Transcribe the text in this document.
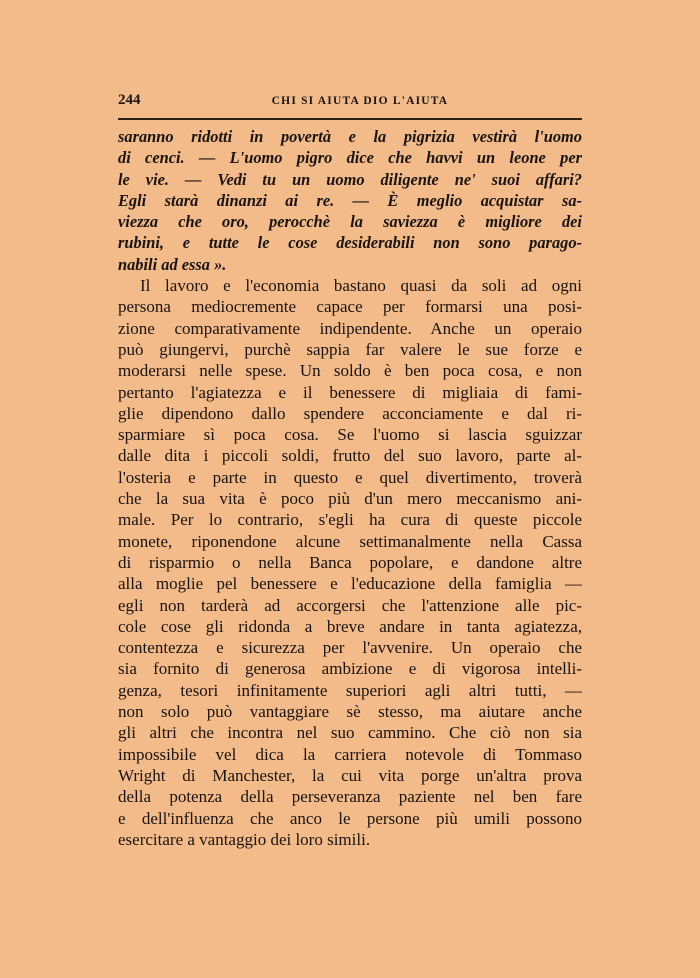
244	CHI SI AIUTA DIO L'AIUTA
saranno ridotti in povertà e la pigrizia vestirà l'uomo
di cenci. — L'uomo pigro dice che havvi un leone per
le vie. — Vedi tu un uomo diligente ne' suoi affari?
Egli starà dinanzi ai re. — È meglio acquistar sa-
viezza che oro, perocchè la saviezza è migliore dei
rubini, e tutte le cose desiderabili non sono parago-
nabili ad essa ».
Il lavoro e l'economia bastano quasi da soli ad ogni
persona mediocremente capace per formarsi una posi-
zione comparativamente indipendente. Anche un operaio
può giungervi, purchè sappia far valere le sue forze e
moderarsi nelle spese. Un soldo è ben poca cosa, e non
pertanto l'agiatezza e il benessere di migliaia di fami-
glie dipendono dallo spendere acconciamente e dal ri-
sparmiare sì poca cosa. Se l'uomo si lascia sguizzar
dalle dita i piccoli soldi, frutto del suo lavoro, parte al-
l'osteria e parte in questo e quel divertimento, troverà
che la sua vita è poco più d'un mero meccanismo ani-
male. Per lo contrario, s'egli ha cura di queste piccole
monete, riponendone alcune settimanalmente nella Cassa
di risparmio o nella Banca popolare, e dandone altre
alla moglie pel benessere e l'educazione della famiglia —
egli non tarderà ad accorgersi che l'attenzione alle pic-
cole cose gli ridonda a breve andare in tanta agiatezza,
contentezza e sicurezza per l'avvenire. Un operaio che
sia fornito di generosa ambizione e di vigorosa intelli-
genza, tesori infinitamente superiori agli altri tutti, —
non solo può vantaggiare sè stesso, ma aiutare anche
gli altri che incontra nel suo cammino. Che ciò non sia
impossibile vel dica la carriera notevole di Tommaso
Wright di Manchester, la cui vita porge un'altra prova
della potenza della perseveranza paziente nel ben fare
e dell'influenza che anco le persone più umili possono
esercitare a vantaggio dei loro simili.
